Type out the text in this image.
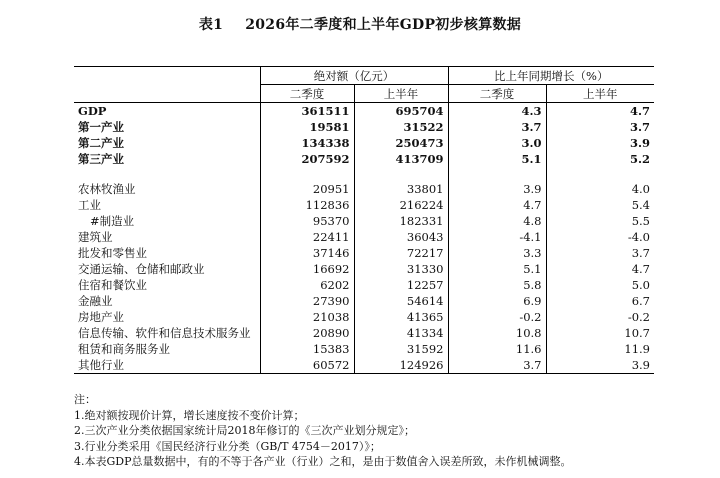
表1 2026年二季度和上半年GDP初步核算数据
	绝对额（亿元）		比上年同期增长（%）	
	二季度	上半年	二季度	上半年
GDP	361511	695704	4.3	4.7
第一产业	19581	31522	3.7	3.7
第二产业	134338	250473	3.0	3.9
第三产业	207592	413709	5.1	5.2

农林牧渔业	20951	33801	3.9	4.0
工业	112836	216224	4.7	5.4
#制造业	95370	182331	4.8	5.5
建筑业	22411	36043	-4.1	-4.0
批发和零售业	37146	72217	3.3	3.7
交通运输、仓储和邮政业	16692	31330	5.1	4.7
住宿和餐饮业	6202	12257	5.8	5.0
金融业	27390	54614	6.9	6.7
房地产业	21038	41365	-0.2	-0.2
信息传输、软件和信息技术服务业	20890	41334	10.8	10.7
租赁和商务服务业	15383	31592	11.6	11.9
其他行业	60572	124926	3.7	3.9
注：
1.绝对额按现价计算，增长速度按不变价计算；
2.三次产业分类依据国家统计局2018年修订的《三次产业划分规定》；
3.行业分类采用《国民经济行业分类（GB/T 4754－2017）》；
4.本表GDP总量数据中，有的不等于各产业（行业）之和，是由于数值舍入误差所致，未作机械调整。
